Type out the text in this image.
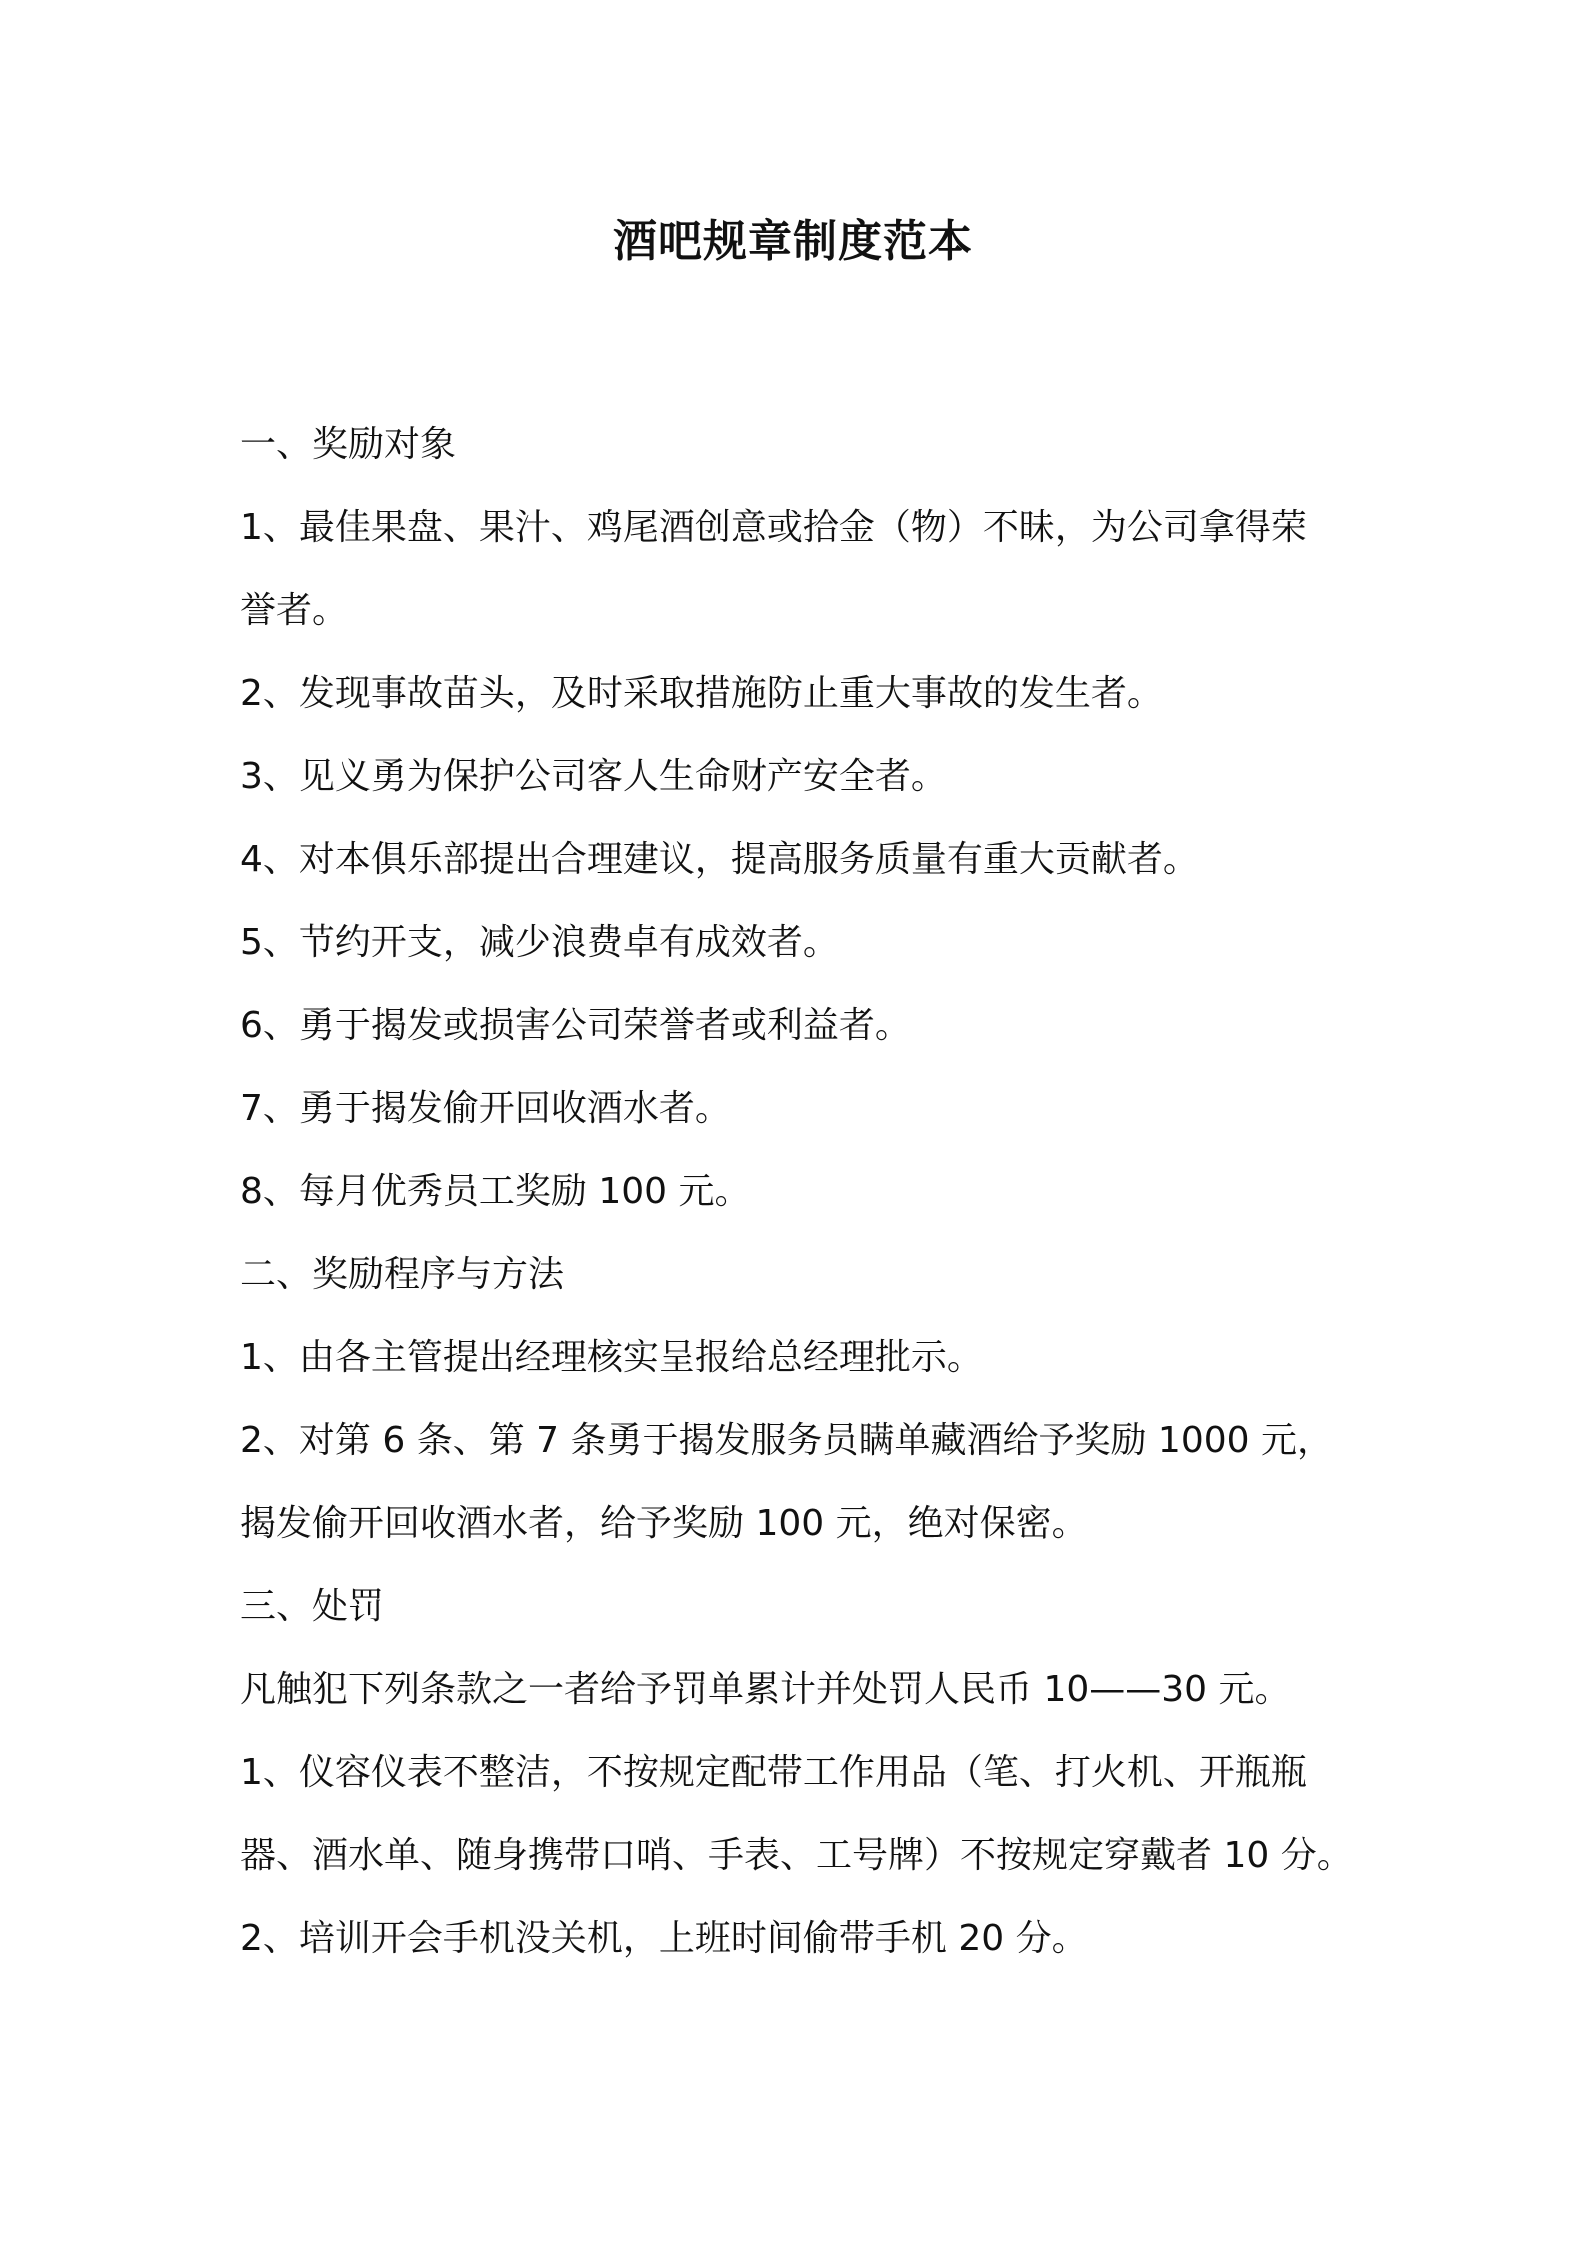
酒吧规章制度范本
一、奖励对象
1、最佳果盘、果汁、鸡尾酒创意或拾金（物）不昧，为公司拿得荣
誉者。
2、发现事故苗头，及时采取措施防止重大事故的发生者。
3、见义勇为保护公司客人生命财产安全者。
4、对本俱乐部提出合理建议，提高服务质量有重大贡献者。
5、节约开支，减少浪费卓有成效者。
6、勇于揭发或损害公司荣誉者或利益者。
7、勇于揭发偷开回收酒水者。
8、每月优秀员工奖励 100 元。
二、奖励程序与方法
1、由各主管提出经理核实呈报给总经理批示。
2、对第 6 条、第 7 条勇于揭发服务员瞒单藏酒给予奖励 1000 元，
揭发偷开回收酒水者，给予奖励 100 元，绝对保密。
三、处罚
凡触犯下列条款之一者给予罚单累计并处罚人民币 10——30 元。
1、仪容仪表不整洁，不按规定配带工作用品（笔、打火机、开瓶瓶
器、酒水单、随身携带口哨、手表、工号牌）不按规定穿戴者 10 分。
2、培训开会手机没关机，上班时间偷带手机 20 分。
